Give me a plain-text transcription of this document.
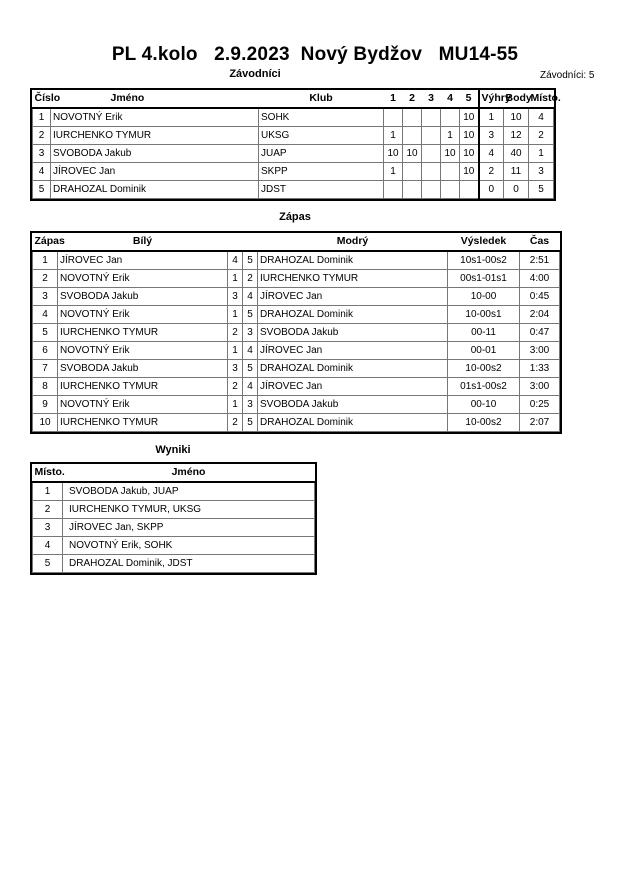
PL 4.kolo   2.9.2023  Nový Bydžov   MU14-55
Závodníci	Závodníci: 5
Číslo	Jméno	Klub	1	2	3	4	5	Výhry	Body	Místo.
1	NOVOTNÝ Erik	SOHK					10	1	10	4
2	IURCHENKO TYMUR	UKSG	1			1	10	3	12	2
3	SVOBODA Jakub	JUAP	10	10		10	10	4	40	1
4	JÍROVEC Jan	SKPP	1				10	2	11	3
5	DRAHOZAL Dominik	JDST						0	0	5
Zápas
Zápas	Bílý			Modrý	Výsledek	Čas
1	JÍROVEC Jan	4	5	DRAHOZAL Dominik	10s1-00s2	2:51
2	NOVOTNÝ Erik	1	2	IURCHENKO TYMUR	00s1-01s1	4:00
3	SVOBODA Jakub	3	4	JÍROVEC Jan	10-00	0:45
4	NOVOTNÝ Erik	1	5	DRAHOZAL Dominik	10-00s1	2:04
5	IURCHENKO TYMUR	2	3	SVOBODA Jakub	00-11	0:47
6	NOVOTNÝ Erik	1	4	JÍROVEC Jan	00-01	3:00
7	SVOBODA Jakub	3	5	DRAHOZAL Dominik	10-00s2	1:33
8	IURCHENKO TYMUR	2	4	JÍROVEC Jan	01s1-00s2	3:00
9	NOVOTNÝ Erik	1	3	SVOBODA Jakub	00-10	0:25
10	IURCHENKO TYMUR	2	5	DRAHOZAL Dominik	10-00s2	2:07
Wyniki
Místo.	Jméno
1	SVOBODA Jakub, JUAP
2	IURCHENKO TYMUR, UKSG
3	JÍROVEC Jan, SKPP
4	NOVOTNÝ Erik, SOHK
5	DRAHOZAL Dominik, JDST
